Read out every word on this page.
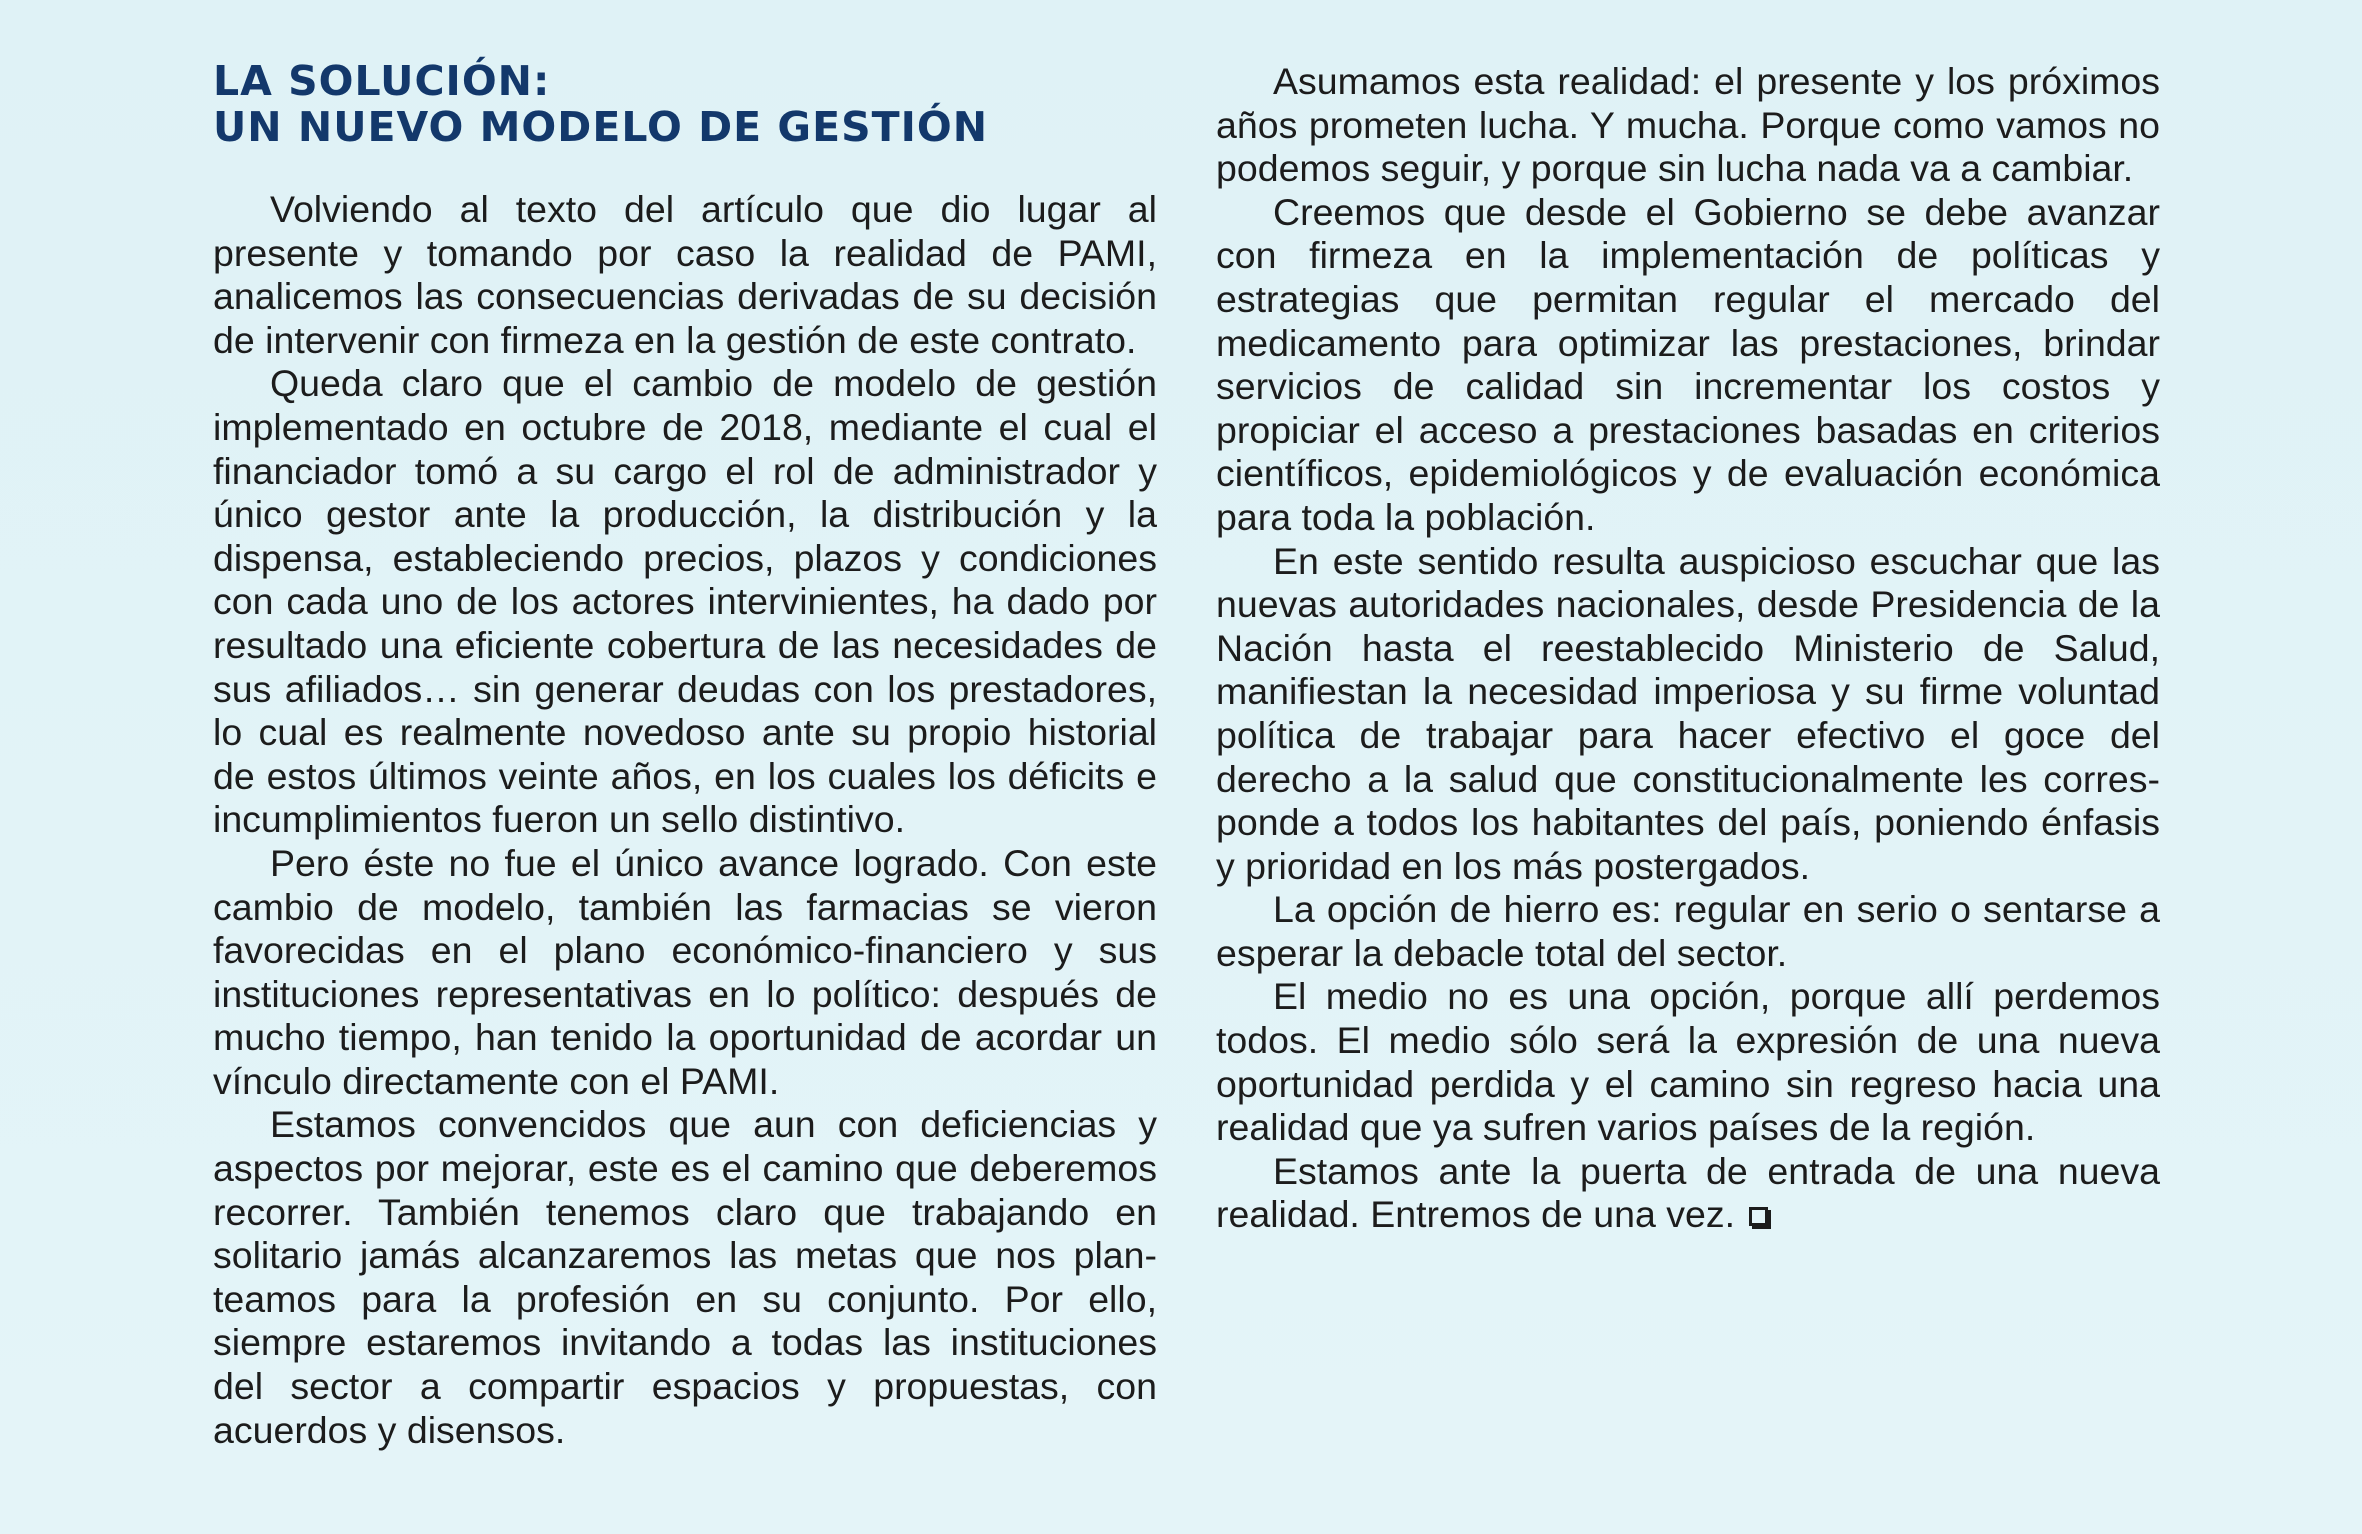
LA SOLUCIÓN:
UN NUEVO MODELO DE GESTIÓN

Volviendo al texto del artículo que dio lugar al presente y tomando por caso la realidad de PAMI, analicemos las consecuencias derivadas de su decisión de intervenir con firmeza en la gestión de este contrato.

Queda claro que el cambio de modelo de gestión implementado en octubre de 2018, mediante el cual el financiador tomó a su cargo el rol de administrador y único gestor ante la producción, la distribución y la dispensa, estableciendo precios, plazos y condiciones con cada uno de los actores intervinientes, ha dado por resultado una eficiente cobertura de las necesidades de sus afiliados… sin generar deudas con los prestadores, lo cual es realmente novedoso ante su propio historial de estos últimos veinte años, en los cuales los déficits e incumplimientos fueron un sello distintivo.

Pero éste no fue el único avance logrado. Con este cambio de modelo, también las farmacias se vieron favorecidas en el plano económico-financiero y sus instituciones representativas en lo político: después de mucho tiempo, han tenido la oportunidad de acordar un vínculo directamente con el PAMI.

Estamos convencidos que aun con deficiencias y aspectos por mejorar, este es el camino que deberemos recorrer. También tenemos claro que trabajando en solitario jamás alcanzaremos las metas que nos planteamos para la profesión en su conjunto. Por ello, siempre estaremos invitando a todas las instituciones del sector a compartir espacios y propuestas, con acuerdos y disensos.

Asumamos esta realidad: el presente y los próximos años prometen lucha. Y mucha. Porque como vamos no podemos seguir, y porque sin lucha nada va a cambiar.

Creemos que desde el Gobierno se debe avanzar con firmeza en la implementación de políticas y estrategias que permitan regular el mercado del medicamento para optimizar las prestaciones, brindar servicios de calidad sin incrementar los costos y propiciar el acceso a prestaciones basadas en criterios científicos, epidemiológicos y de evaluación económica para toda la población.

En este sentido resulta auspicioso escuchar que las nuevas autoridades nacionales, desde Presidencia de la Nación hasta el reestablecido Ministerio de Salud, manifiestan la necesidad imperiosa y su firme voluntad política de trabajar para hacer efectivo el goce del derecho a la salud que constitucionalmente les corresponde a todos los habitantes del país, poniendo énfasis y prioridad en los más postergados.

La opción de hierro es: regular en serio o sentarse a esperar la debacle total del sector.

El medio no es una opción, porque allí perdemos todos. El medio sólo será la expresión de una nueva oportunidad perdida y el camino sin regreso hacia una realidad que ya sufren varios países de la región.

Estamos ante la puerta de entrada de una nueva realidad. Entremos de una vez.
